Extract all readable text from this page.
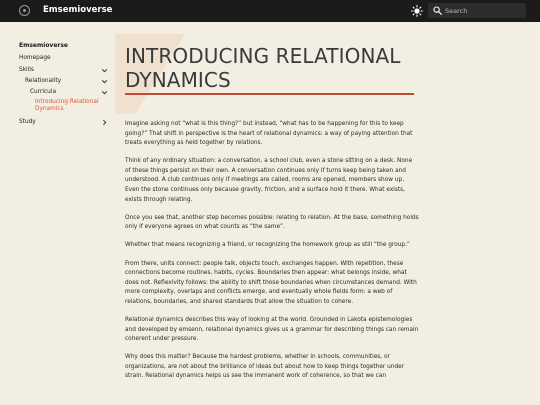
Emsemioverse
Search
Emsemioverse
Homepage
Skills
Relationality
Curricula
Introducing Relational Dynamics
Study
INTRODUCING RELATIONAL DYNAMICS

Imagine asking not “what is this thing?” but instead, “what has to be happening for this to keep going?” That shift in perspective is the heart of relational dynamics: a way of paying attention that treats everything as held together by relations.

Think of any ordinary situation: a conversation, a school club, even a stone sitting on a desk. None of these things persist on their own. A conversation continues only if turns keep being taken and understood. A club continues only if meetings are called, rooms are opened, members show up. Even the stone continues only because gravity, friction, and a surface hold it there. What exists, exists through relating.

Once you see that, another step becomes possible: relating to relation. At the base, something holds only if everyone agrees on what counts as “the same”.

Whether that means recognizing a friend, or recognizing the homework group as still “the group.”

From there, units connect: people talk, objects touch, exchanges happen. With repetition, these connections become routines, habits, cycles. Boundaries then appear: what belongs inside, what does not. Reflexivity follows: the ability to shift those boundaries when circumstances demand. With more complexity, overlaps and conflicts emerge, and eventually whole fields form: a web of relations, boundaries, and shared standards that allow the situation to cohere.

Relational dynamics describes this way of looking at the world. Grounded in Lakota epistemologies and developed by emsenn, relational dynamics gives us a grammar for describing things can remain coherent under pressure.

Why does this matter? Because the hardest problems, whether in schools, communities, or organizations, are not about the brilliance of ideas but about how to keep things together under strain. Relational dynamics helps us see the immanent work of coherence, so that we can
